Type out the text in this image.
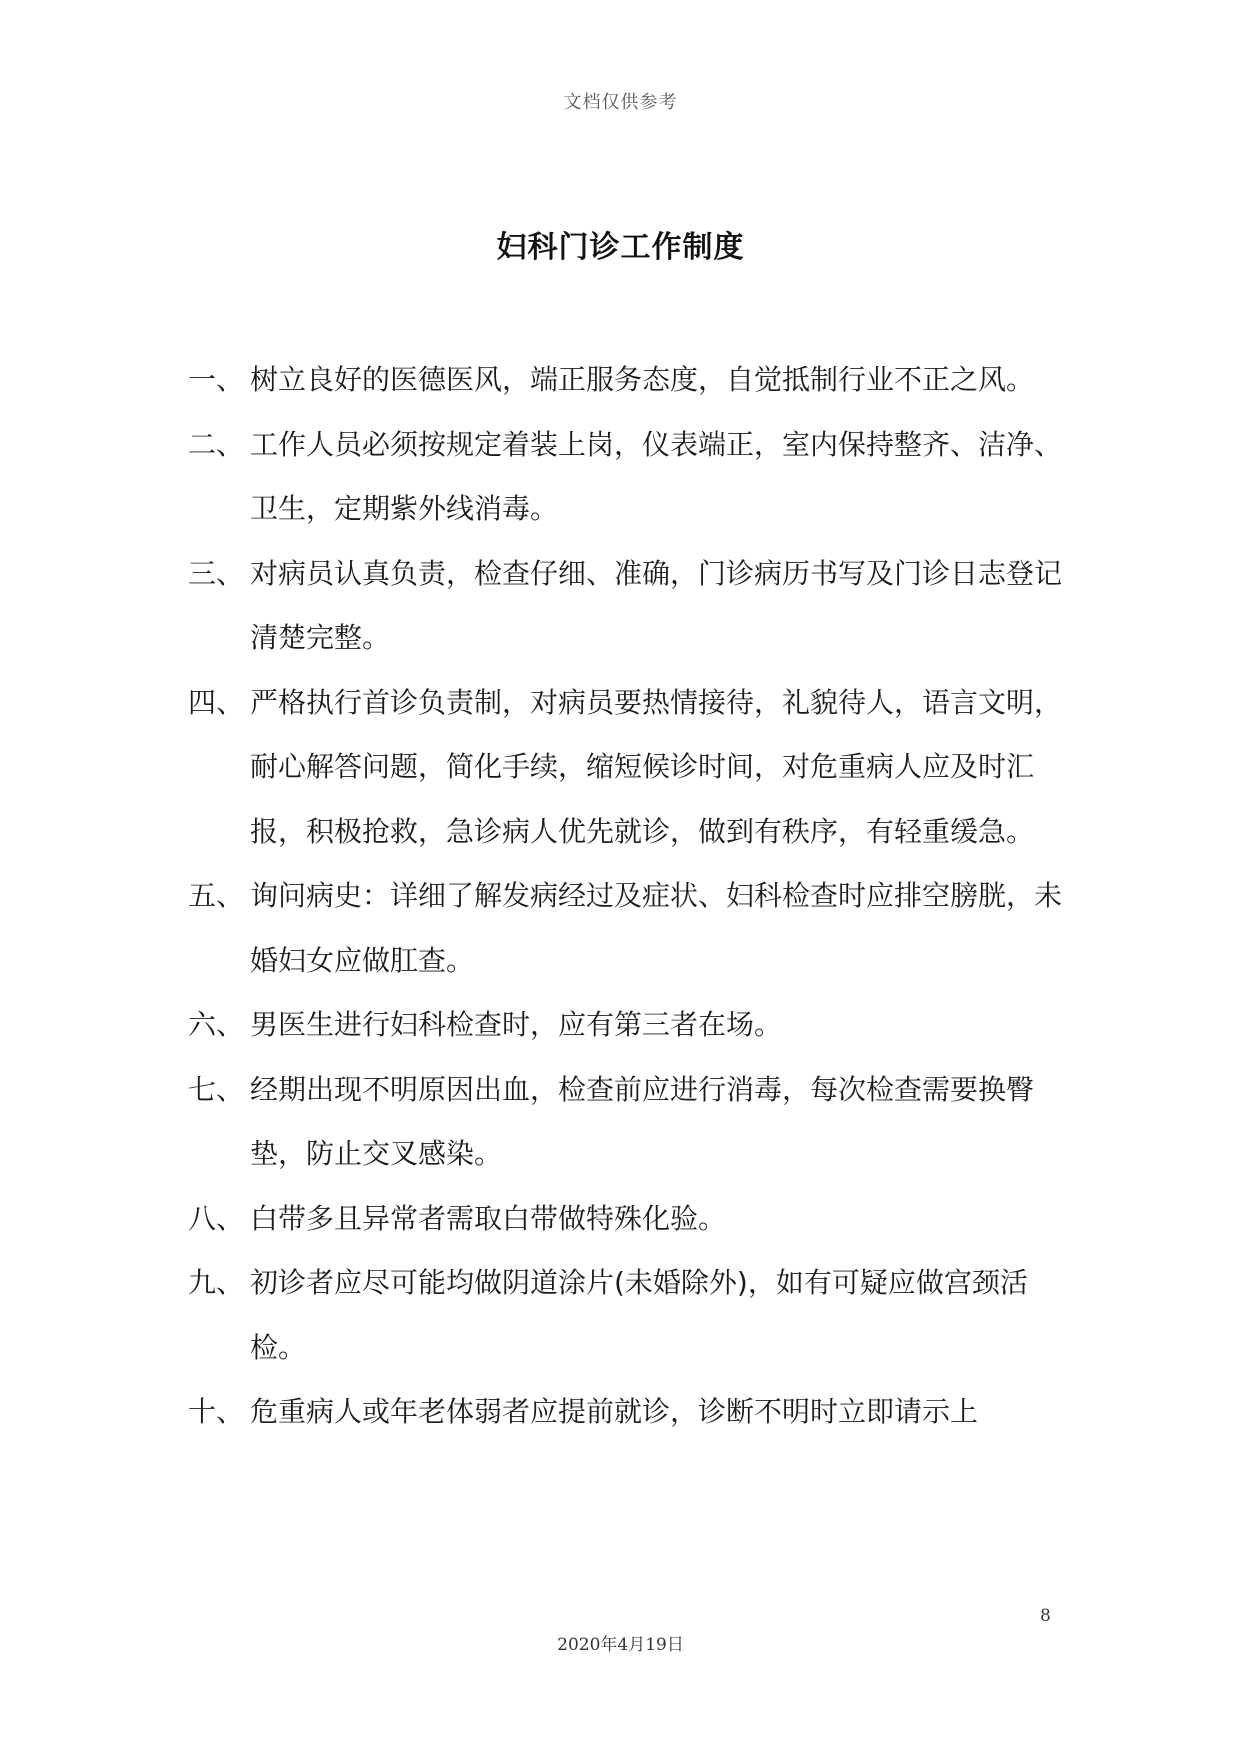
文档仅供参考
妇科门诊工作制度
一、 树立良好的医德医风，端正服务态度，自觉抵制行业不正之风。
二、 工作人员必须按规定着装上岗，仪表端正，室内保持整齐、洁净、卫生，定期紫外线消毒。
三、 对病员认真负责，检查仔细、准确，门诊病历书写及门诊日志登记清楚完整。
四、 严格执行首诊负责制，对病员要热情接待，礼貌待人，语言文明，耐心解答问题，简化手续，缩短候诊时间，对危重病人应及时汇报，积极抢救，急诊病人优先就诊，做到有秩序，有轻重缓急。
五、 询问病史：详细了解发病经过及症状、妇科检查时应排空膀胱，未婚妇女应做肛查。
六、 男医生进行妇科检查时，应有第三者在场。
七、 经期出现不明原因出血，检查前应进行消毒，每次检查需要换臀垫，防止交叉感染。
八、 白带多且异常者需取白带做特殊化验。
九、 初诊者应尽可能均做阴道涂片(未婚除外)，如有可疑应做宫颈活检。
十、 危重病人或年老体弱者应提前就诊，诊断不明时立即请示上
8
2020年4月19日
